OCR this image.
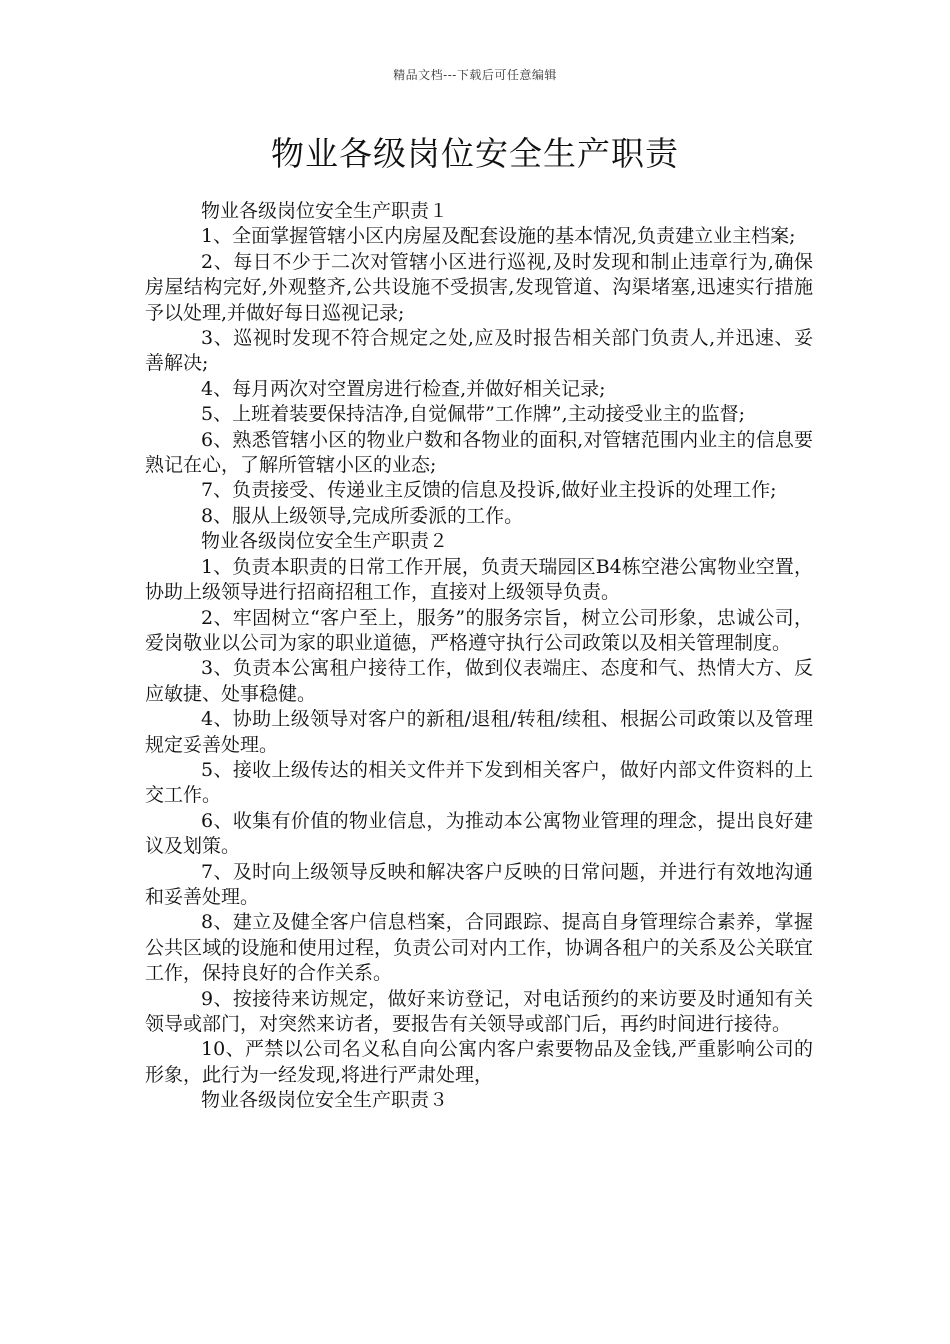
精品文档---下载后可任意编辑
物业各级岗位安全生产职责

物业各级岗位安全生产职责１

1、全面掌握管辖小区内房屋及配套设施的基本情况,负责建立业主档案;

2、每日不少于二次对管辖小区进行巡视,及时发现和制止违章行为,确保房屋结构完好,外观整齐,公共设施不受损害,发现管道、沟渠堵塞,迅速实行措施予以处理,并做好每日巡视记录;

3、巡视时发现不符合规定之处,应及时报告相关部门负责人,并迅速、妥善解决;

4、每月两次对空置房进行检查,并做好相关记录;

5、上班着装要保持洁净,自觉佩带”工作牌”,主动接受业主的监督;

6、熟悉管辖小区的物业户数和各物业的面积,对管辖范围内业主的信息要熟记在心，了解所管辖小区的业态;

7、负责接受、传递业主反馈的信息及投诉,做好业主投诉的处理工作;

8、服从上级领导,完成所委派的工作。

物业各级岗位安全生产职责２

1、负责本职责的日常工作开展，负责天瑞园区B4栋空港公寓物业空置，协助上级领导进行招商招租工作，直接对上级领导负责。

2、牢固树立“客户至上，服务”的服务宗旨，树立公司形象，忠诚公司，爱岗敬业以公司为家的职业道德，严格遵守执行公司政策以及相关管理制度。

3、负责本公寓租户接待工作，做到仪表端庄、态度和气、热情大方、反应敏捷、处事稳健。

4、协助上级领导对客户的新租/退租/转租/续租、根据公司政策以及管理规定妥善处理。

5、接收上级传达的相关文件并下发到相关客户，做好内部文件资料的上交工作。

6、收集有价值的物业信息，为推动本公寓物业管理的理念，提出良好建议及划策。

7、及时向上级领导反映和解决客户反映的日常问题，并进行有效地沟通和妥善处理。

8、建立及健全客户信息档案，合同跟踪、提高自身管理综合素养，掌握公共区域的设施和使用过程，负责公司对内工作，协调各租户的关系及公关联宜工作，保持良好的合作关系。

9、按接待来访规定，做好来访登记，对电话预约的来访要及时通知有关领导或部门，对突然来访者，要报告有关领导或部门后，再约时间进行接待。

10、严禁以公司名义私自向公寓内客户索要物品及金钱,严重影响公司的形象，此行为一经发现,将进行严肃处理，

物业各级岗位安全生产职责３
